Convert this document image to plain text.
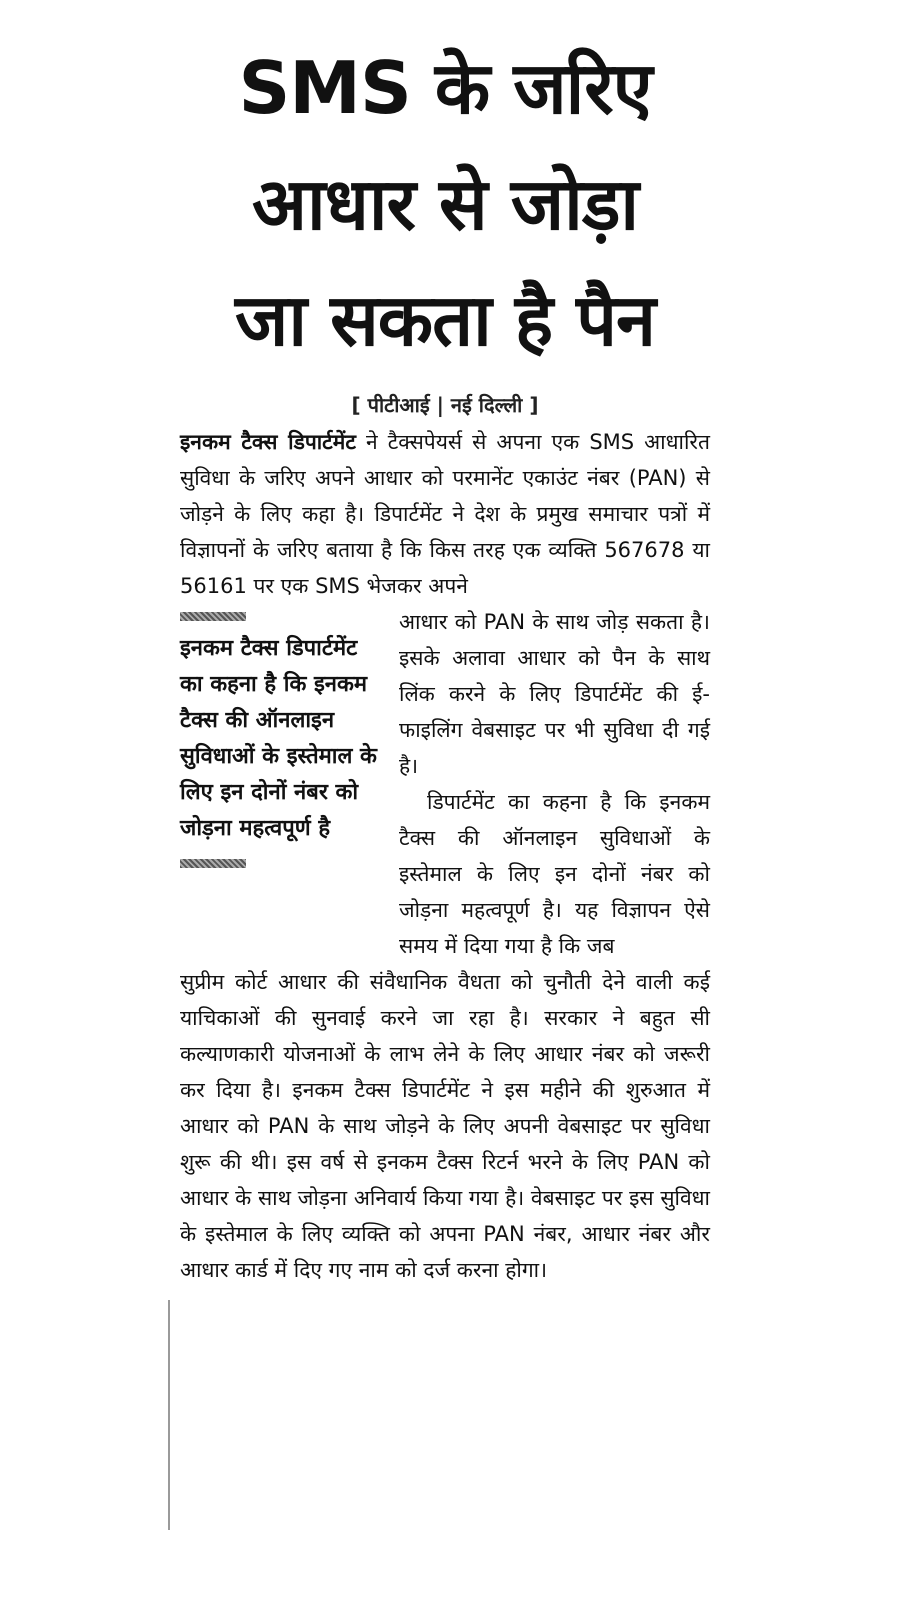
SMS के जरिए
आधार से जोड़ा
जा सकता है पैन
[ पीटीआई | नई दिल्ली ]

इनकम टैक्स डिपार्टमेंट ने टैक्सपेयर्स से अपना एक SMS आधारित सुविधा के जरिए अपने आधार को परमानेंट एकाउंट नंबर (PAN) से जोड़ने के लिए कहा है। डिपार्टमेंट ने देश के प्रमुख समाचार पत्रों में विज्ञापनों के जरिए बताया है कि किस तरह एक व्यक्ति 567678 या 56161 पर एक SMS भेजकर अपने

इनकम टैक्स डिपार्टमेंट का कहना है कि इनकम टैक्स की ऑनलाइन सुविधाओं के इस्तेमाल के लिए इन दोनों नंबर को जोड़ना महत्वपूर्ण है

आधार को PAN के साथ जोड़ सकता है। इसके अलावा आधार को पैन के साथ लिंक करने के लिए डिपार्टमेंट की ई-फाइलिंग वेबसाइट पर भी सुविधा दी गई है।

डिपार्टमेंट का कहना है कि इनकम टैक्स की ऑनलाइन सुविधाओं के इस्तेमाल के लिए इन दोनों नंबर को जोड़ना महत्वपूर्ण है। यह विज्ञापन ऐसे समय में दिया गया है कि जब

सुप्रीम कोर्ट आधार की संवैधानिक वैधता को चुनौती देने वाली कई याचिकाओं की सुनवाई करने जा रहा है। सरकार ने बहुत सी कल्याणकारी योजनाओं के लाभ लेने के लिए आधार नंबर को जरूरी कर दिया है। इनकम टैक्स डिपार्टमेंट ने इस महीने की शुरुआत में आधार को PAN के साथ जोड़ने के लिए अपनी वेबसाइट पर सुविधा शुरू की थी। इस वर्ष से इनकम टैक्स रिटर्न भरने के लिए PAN को आधार के साथ जोड़ना अनिवार्य किया गया है। वेबसाइट पर इस सुविधा के इस्तेमाल के लिए व्यक्ति को अपना PAN नंबर, आधार नंबर और आधार कार्ड में दिए गए नाम को दर्ज करना होगा।
